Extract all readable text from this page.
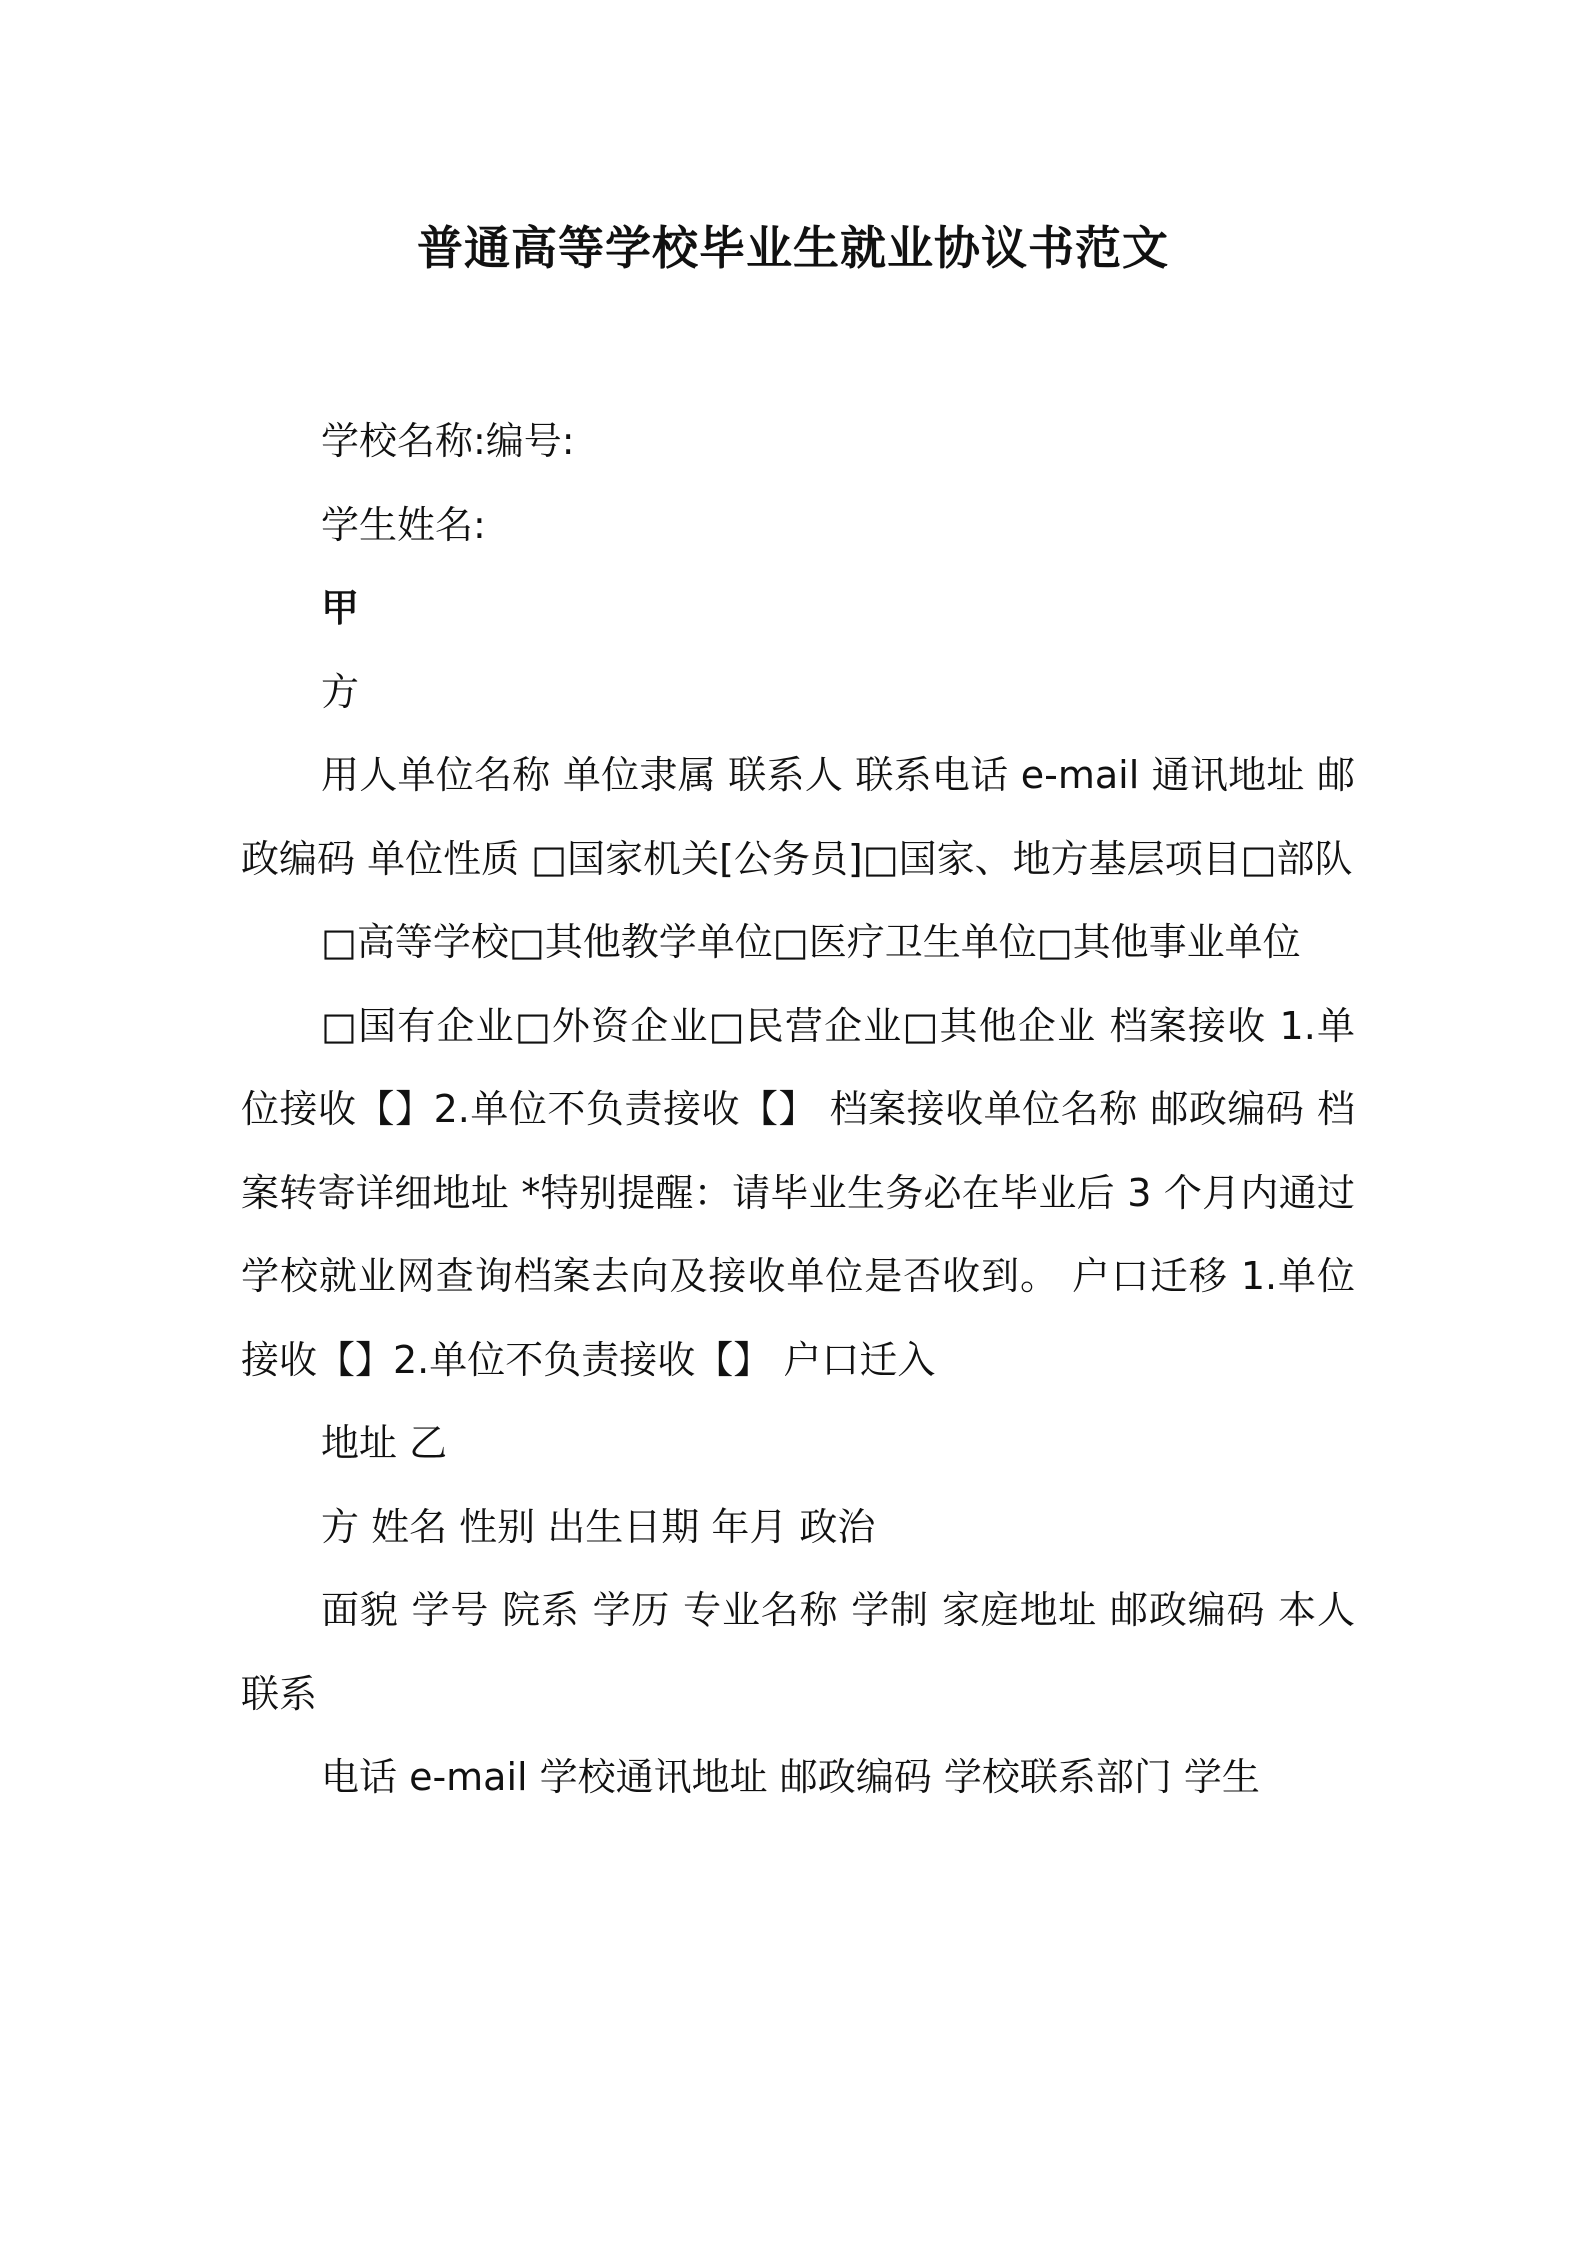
普通高等学校毕业生就业协议书范文

学校名称:编号:

学生姓名:

甲

方

用人单位名称 单位隶属 联系人 联系电话 e-mail 通讯地址 邮政编码 单位性质 □国家机关[公务员]□国家、地方基层项目□部队

□高等学校□其他教学单位□医疗卫生单位□其他事业单位

□国有企业□外资企业□民营企业□其他企业 档案接收 1.单位接收【】2.单位不负责接收【】 档案接收单位名称 邮政编码 档案转寄详细地址 *特别提醒：请毕业生务必在毕业后 3 个月内通过学校就业网查询档案去向及接收单位是否收到。 户口迁移 1.单位接收【】2.单位不负责接收【】 户口迁入

地址 乙

方 姓名 性别 出生日期 年月 政治

面貌 学号 院系 学历 专业名称 学制 家庭地址 邮政编码 本人联系

电话 e-mail 学校通讯地址 邮政编码 学校联系部门 学生
